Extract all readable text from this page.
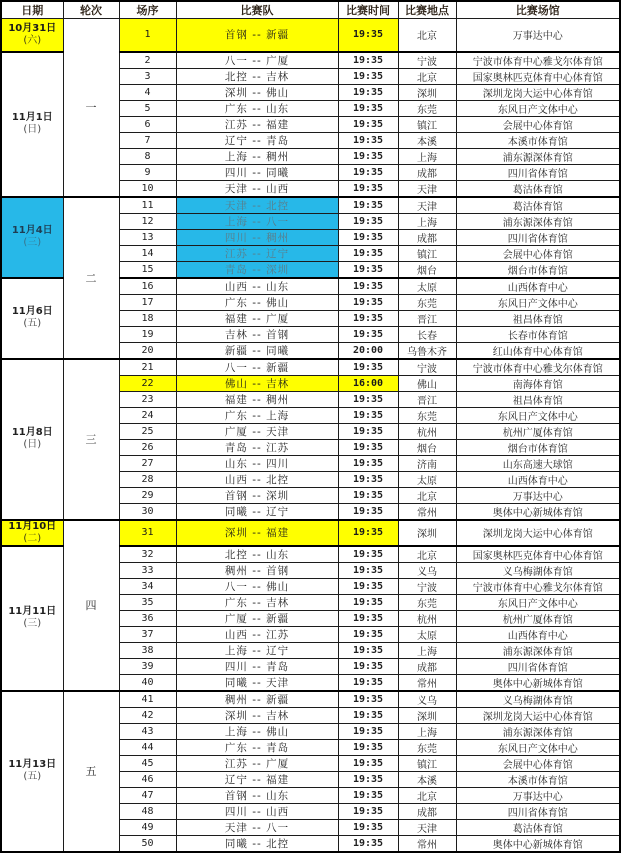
日期	轮次	场序	比赛队	比赛时间	比赛地点	比赛场馆

10月31日
(六)	一	1	首钢 -- 新疆	19:35	北京	万事达中心

11月1日
(日)		2	八一 -- 广厦	19:35	宁波	宁波市体育中心雅戈尔体育馆
		3	北控 -- 吉林	19:35	北京	国家奥林匹克体育中心体育馆
		4	深圳 -- 佛山	19:35	深圳	深圳龙岗大运中心体育馆
		5	广东 -- 山东	19:35	东莞	东风日产文体中心
		6	江苏 -- 福建	19:35	镇江	会展中心体育馆
		7	辽宁 -- 青岛	19:35	本溪	本溪市体育馆
		8	上海 -- 稠州	19:35	上海	浦东源深体育馆
		9	四川 -- 同曦	19:35	成都	四川省体育馆
		10	天津 -- 山西	19:35	天津	葛沽体育馆

11月4日
(三)	二	11	天津 -- 北控	19:35	天津	葛沽体育馆
		12	上海 -- 八一	19:35	上海	浦东源深体育馆
		13	四川 -- 稠州	19:35	成都	四川省体育馆
		14	江苏 -- 辽宁	19:35	镇江	会展中心体育馆
		15	青岛 -- 深圳	19:35	烟台	烟台市体育馆

11月6日
(五)		16	山西 -- 山东	19:35	太原	山西体育中心
		17	广东 -- 佛山	19:35	东莞	东风日产文体中心
		18	福建 -- 广厦	19:35	晋江	祖昌体育馆
		19	吉林 -- 首钢	19:35	长春	长春市体育馆
		20	新疆 -- 同曦	20:00	乌鲁木齐	红山体育中心体育馆

11月8日
(日)	三	21	八一 -- 新疆	19:35	宁波	宁波市体育中心雅戈尔体育馆
		22	佛山 -- 吉林	16:00	佛山	南海体育馆
		23	福建 -- 稠州	19:35	晋江	祖昌体育馆
		24	广东 -- 上海	19:35	东莞	东风日产文体中心
		25	广厦 -- 天津	19:35	杭州	杭州广厦体育馆
		26	青岛 -- 江苏	19:35	烟台	烟台市体育馆
		27	山东 -- 四川	19:35	济南	山东高速大球馆
		28	山西 -- 北控	19:35	太原	山西体育中心
		29	首钢 -- 深圳	19:35	北京	万事达中心
		30	同曦 -- 辽宁	19:35	常州	奥体中心新城体育馆

11月10日
(二)	四	31	深圳 -- 福建	19:35	深圳	深圳龙岗大运中心体育馆

11月11日
(三)		32	北控 -- 山东	19:35	北京	国家奥林匹克体育中心体育馆
		33	稠州 -- 首钢	19:35	义乌	义乌梅湖体育馆
		34	八一 -- 佛山	19:35	宁波	宁波市体育中心雅戈尔体育馆
		35	广东 -- 吉林	19:35	东莞	东风日产文体中心
		36	广厦 -- 新疆	19:35	杭州	杭州广厦体育馆
		37	山西 -- 江苏	19:35	太原	山西体育中心
		38	上海 -- 辽宁	19:35	上海	浦东源深体育馆
		39	四川 -- 青岛	19:35	成都	四川省体育馆
		40	同曦 -- 天津	19:35	常州	奥体中心新城体育馆

11月13日
(五)	五	41	稠州 -- 新疆	19:35	义乌	义乌梅湖体育馆
		42	深圳 -- 吉林	19:35	深圳	深圳龙岗大运中心体育馆
		43	上海 -- 佛山	19:35	上海	浦东源深体育馆
		44	广东 -- 青岛	19:35	东莞	东风日产文体中心
		45	江苏 -- 广厦	19:35	镇江	会展中心体育馆
		46	辽宁 -- 福建	19:35	本溪	本溪市体育馆
		47	首钢 -- 山东	19:35	北京	万事达中心
		48	四川 -- 山西	19:35	成都	四川省体育馆
		49	天津 -- 八一	19:35	天津	葛沽体育馆
		50	同曦 -- 北控	19:35	常州	奥体中心新城体育馆
